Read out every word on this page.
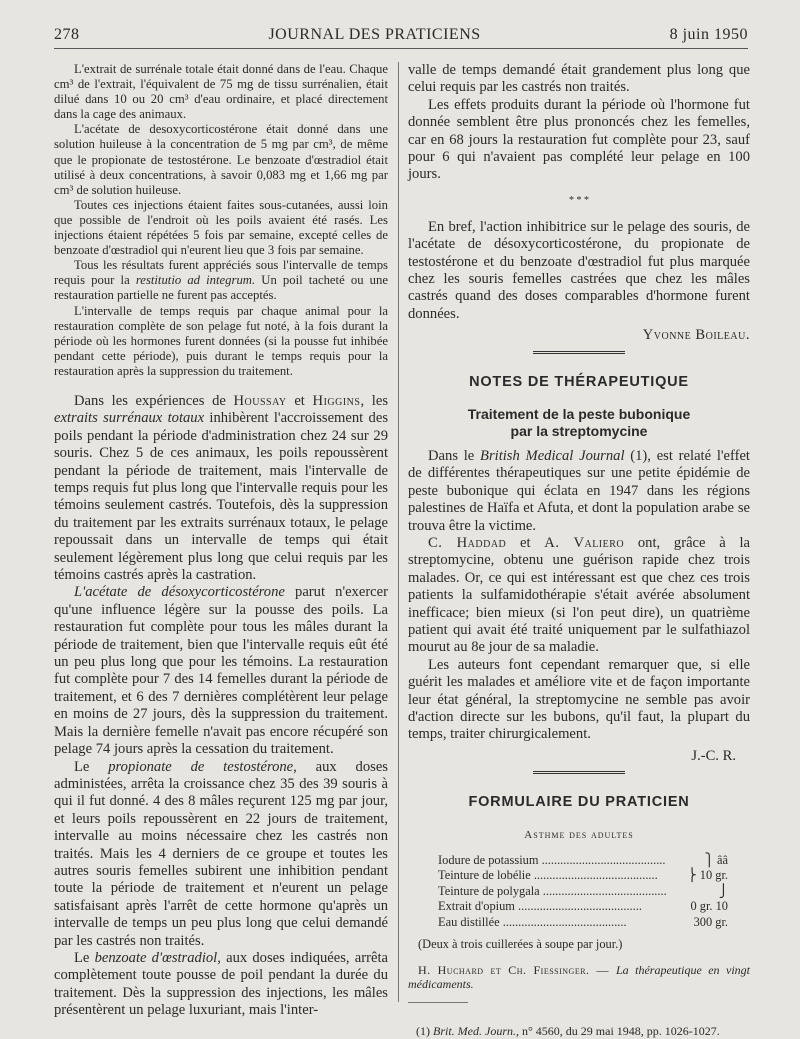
278	JOURNAL DES PRATICIENS	8 juin 1950

L'extrait de surrénale totale était donné dans de l'eau. Chaque cm³ de l'extrait, l'équivalent de 75 mg de tissu surrénalien, était dilué dans 10 ou 20 cm³ d'eau ordinaire, et placé directement dans la cage des animaux.

L'acétate de desoxycorticostérone était donné dans une solution huileuse à la concentration de 5 mg par cm³, de même que le propionate de testostérone. Le benzoate d'œstradiol était utilisé à deux concentrations, à savoir 0,083 mg et 1,66 mg par cm³ de solution huileuse.

Toutes ces injections étaient faites sous-cutanées, aussi loin que possible de l'endroit où les poils avaient été rasés. Les injections étaient répétées 5 fois par semaine, excepté celles de benzoate d'œstradiol qui n'eurent lieu que 3 fois par semaine.

Tous les résultats furent appréciés sous l'intervalle de temps requis pour la restitutio ad integrum. Un poil tacheté ou une restauration partielle ne furent pas acceptés.

L'intervalle de temps requis par chaque animal pour la restauration complète de son pelage fut noté, à la fois durant la période où les hormones furent données (si la pousse fut inhibée pendant cette période), puis durant le temps requis pour la restauration après la suppression du traitement.

Dans les expériences de Houssay et Higgins, les extraits surrénaux totaux inhibèrent l'accroissement des poils pendant la période d'administration chez 24 sur 29 souris. Chez 5 de ces animaux, les poils repoussèrent pendant la période de traitement, mais l'intervalle de temps requis fut plus long que l'intervalle requis pour les témoins seulement castrés. Toutefois, dès la suppression du traitement par les extraits surrénaux totaux, le pelage repoussait dans un intervalle de temps qui était seulement légèrement plus long que celui requis par les témoins castrés après la castration.

L'acétate de désoxycorticostérone parut n'exercer qu'une influence légère sur la pousse des poils. La restauration fut complète pour tous les mâles durant la période de traitement, bien que l'intervalle requis eût été un peu plus long que pour les témoins. La restauration fut complète pour 7 des 14 femelles durant la période de traitement, et 6 des 7 dernières complétèrent leur pelage en moins de 27 jours, dès la suppression du traitement. Mais la dernière femelle n'avait pas encore récupéré son pelage 74 jours après la cessation du traitement.

Le propionate de testostérone, aux doses administées, arrêta la croissance chez 35 des 39 souris à qui il fut donné. 4 des 8 mâles reçurent 125 mg par jour, et leurs poils repoussèrent en 22 jours de traitement, intervalle au moins nécessaire chez les castrés non traités. Mais les 4 derniers de ce groupe et toutes les autres souris femelles subirent une inhibition pendant toute la période de traitement et n'eurent un pelage satisfaisant après l'arrêt de cette hormone qu'après un intervalle de temps un peu plus long que celui demandé par les castrés non traités.

Le benzoate d'œstradiol, aux doses indiquées, arrêta complètement toute pousse de poil pendant la durée du traitement. Dès la suppression des injections, les mâles présentèrent un pelage luxuriant, mais l'inter-

valle de temps demandé était grandement plus long que celui requis par les castrés non traités.

Les effets produits durant la période où l'hormone fut donnée semblent être plus prononcés chez les femelles, car en 68 jours la restauration fut complète pour 23, sauf pour 6 qui n'avaient pas complété leur pelage en 100 jours.

* * *

En bref, l'action inhibitrice sur le pelage des souris, de l'acétate de désoxycorticostérone, du propionate de testostérone et du benzoate d'œstradiol fut plus marquée chez les souris femelles castrées que chez les mâles castrés quand des doses comparables d'hormone furent données.

Yvonne Boileau.
NOTES DE THÉRAPEUTIQUE
Traitement de la peste bubonique
par la streptomycine

Dans le British Medical Journal (1), est relaté l'effet de différentes thérapeutiques sur une petite épidémie de peste bubonique qui éclata en 1947 dans les régions palestines de Haïfa et Afuta, et dont la population arabe se trouva être la victime.

C. Haddad et A. Valiero ont, grâce à la streptomycine, obtenu une guérison rapide chez trois malades. Or, ce qui est intéressant est que chez ces trois patients la sulfamidothérapie s'était avérée absolument inefficace; bien mieux (si l'on peut dire), un quatrième patient qui avait été traité uniquement par le sulfathiazol mourut au 8e jour de sa maladie.

Les auteurs font cependant remarquer que, si elle guérit les malades et améliore vite et de façon importante leur état général, la streptomycine ne semble pas avoir d'action directe sur les bubons, qu'il faut, la plupart du temps, traiter chirurgicalement.

J.-C. R.
FORMULAIRE DU PRATICIEN
Asthme des adultes
Iodure de potassium .....	⎫ ââ
Teinture de lobélie .....	⎬ 10 gr.
Teinture de polygala .....	⎭
Extrait d'opium .....	0 gr. 10
Eau distillée .....	300 gr.
(Deux à trois cuillerées à soupe par jour.)
H. Huchard et Ch. Fiessinger. — La thérapeutique en vingt médicaments.
(1) Brit. Med. Journ., n° 4560, du 29 mai 1948, pp. 1026-1027.
